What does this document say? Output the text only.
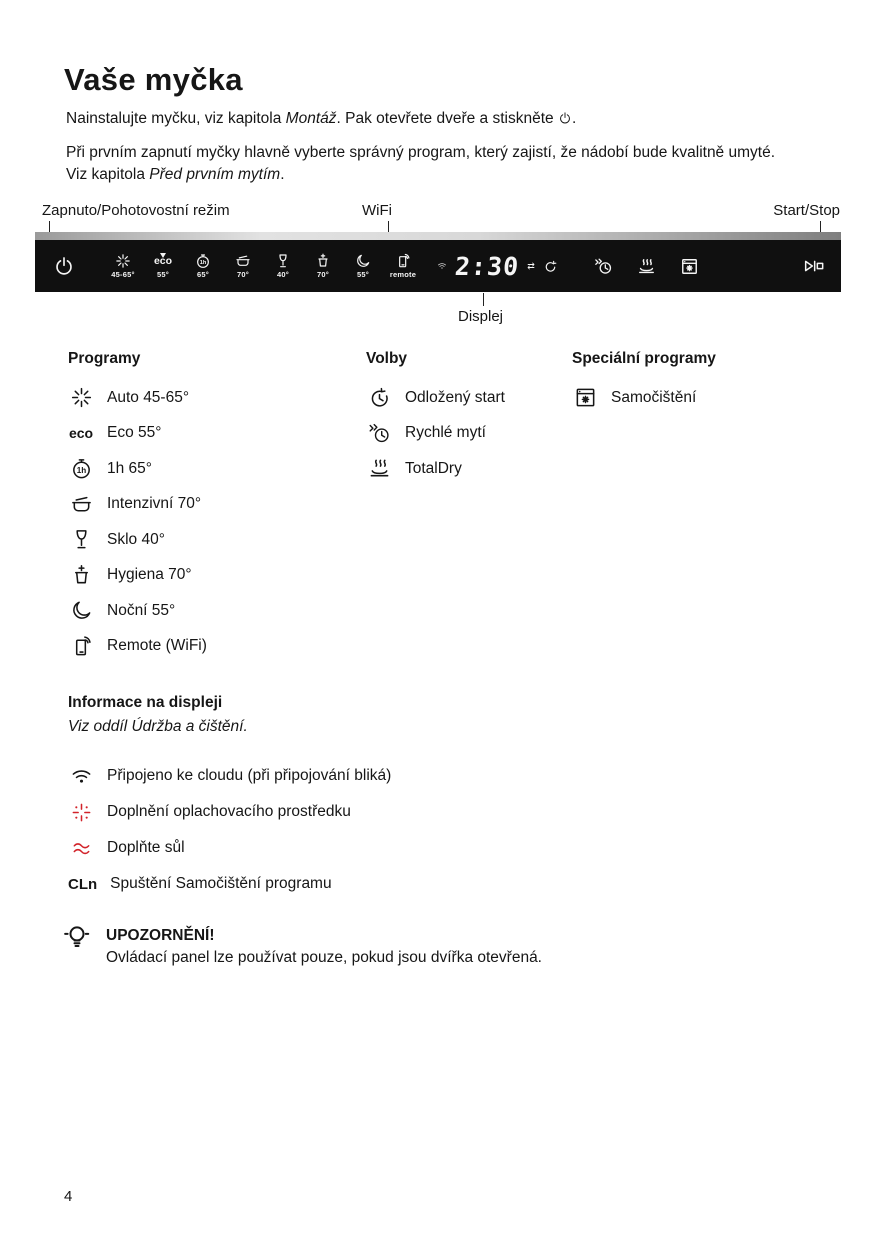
Vaše myčka

Nainstalujte myčku, viz kapitola Montáž. Pak otevřete dveře a stiskněte .

Při prvním zapnutí myčky hlavně vyberte správný program, který zajistí, že nádobí bude kvalitně umyté.
Viz kapitola Před prvním mytím.

Zapnuto/Pohotovostní režim	WiFi	Start/Stop
45-65°
eco
55°	65°	70°	40°	70°	55°	remote 2:30 ⇄
Displej
Programy
Auto 45-65°
eco Eco 55°
1h 65°
Intenzivní 70°
Sklo 40°
Hygiena 70°
Noční 55°
Remote (WiFi)
Volby
Odložený start
Rychlé mytí
TotalDry
Speciální programy
Samočištění
Informace na displeji
Viz oddíl Údržba a čištění.
Připojeno ke cloudu (při připojování bliká)
Doplnění oplachovacího prostředku
Doplňte sůl
CLn Spuštění Samočištění programu
UPOZORNĚNÍ!
Ovládací panel lze používat pouze, pokud jsou dvířka otevřená.
4
